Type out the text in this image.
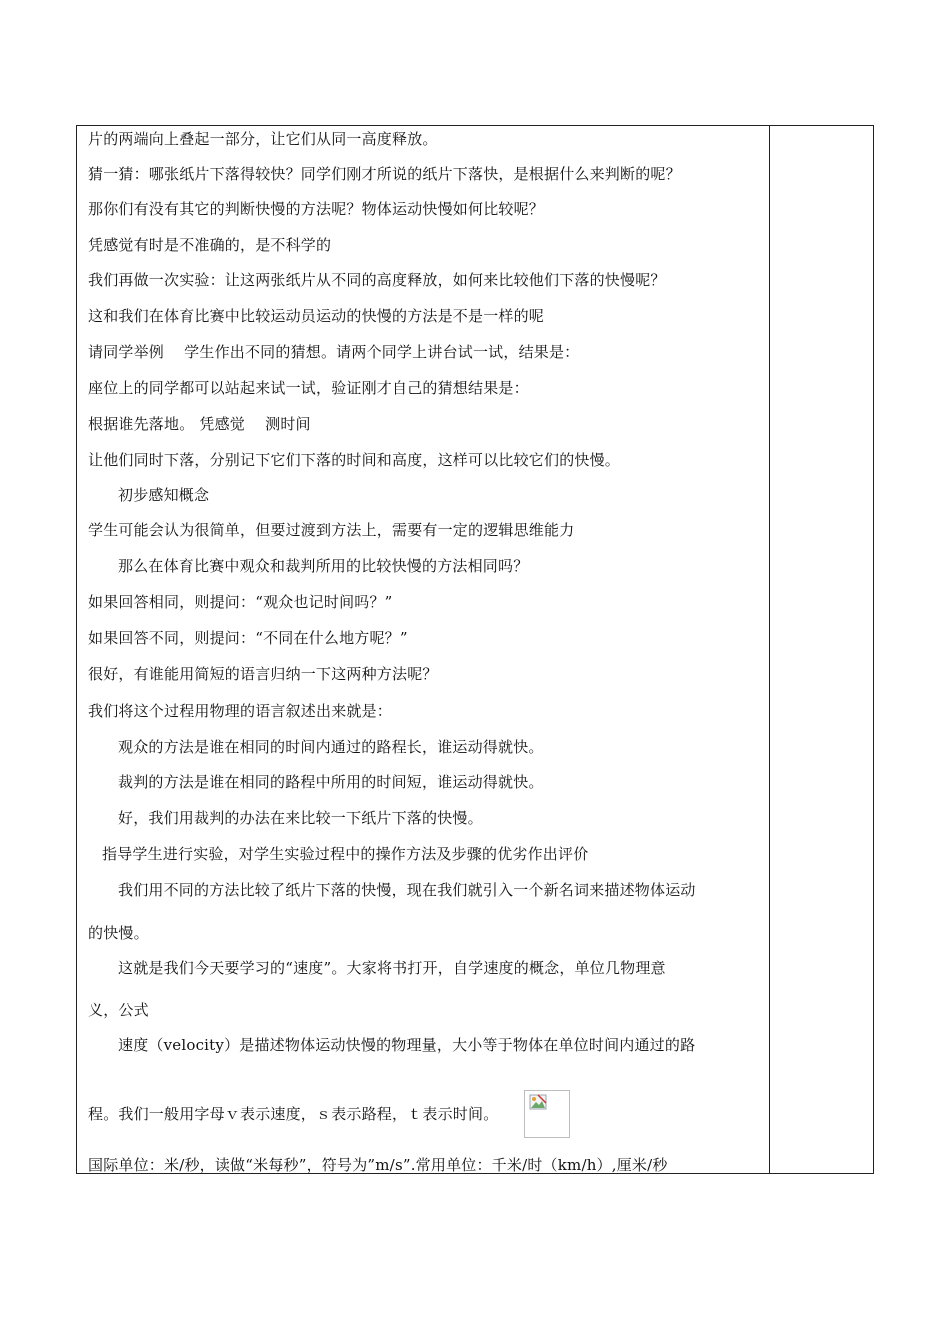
片的两端向上叠起一部分，让它们从同一高度释放。
猜一猜：哪张纸片下落得较快？同学们刚才所说的纸片下落快，是根据什么来判断的呢？
那你们有没有其它的判断快慢的方法呢？物体运动快慢如何比较呢？
凭感觉有时是不准确的，是不科学的
我们再做一次实验：让这两张纸片从不同的高度释放，如何来比较他们下落的快慢呢？
这和我们在体育比赛中比较运动员运动的快慢的方法是不是一样的呢
请同学举例　 学生作出不同的猜想。请两个同学上讲台试一试，结果是：
座位上的同学都可以站起来试一试，验证刚才自己的猜想结果是：
根据谁先落地。 凭感觉　 测时间
让他们同时下落，分别记下它们下落的时间和高度，这样可以比较它们的快慢。
初步感知概念
学生可能会认为很简单，但要过渡到方法上，需要有一定的逻辑思维能力
那么在体育比赛中观众和裁判所用的比较快慢的方法相同吗？
如果回答相同，则提问：“观众也记时间吗？”
如果回答不同，则提问：“不同在什么地方呢？”
很好，有谁能用简短的语言归纳一下这两种方法呢？
我们将这个过程用物理的语言叙述出来就是：
观众的方法是谁在相同的时间内通过的路程长，谁运动得就快。
裁判的方法是谁在相同的路程中所用的时间短，谁运动得就快。
好，我们用裁判的办法在来比较一下纸片下落的快慢。
指导学生进行实验，对学生实验过程中的操作方法及步骤的优劣作出评价
我们用不同的方法比较了纸片下落的快慢，现在我们就引入一个新名词来描述物体运动
的快慢。
这就是我们今天要学习的“速度”。大家将书打开，自学速度的概念，单位几物理意
义，公式
速度（velocity）是描述物体运动快慢的物理量，大小等于物体在单位时间内通过的路
程。我们一般用字母ｖ表示速度，ｓ表示路程，ｔ表示时间。
国际单位：米/秒，读做“米每秒”，符号为”m/s”.常用单位：千米/时（km/h）,厘米/秒
